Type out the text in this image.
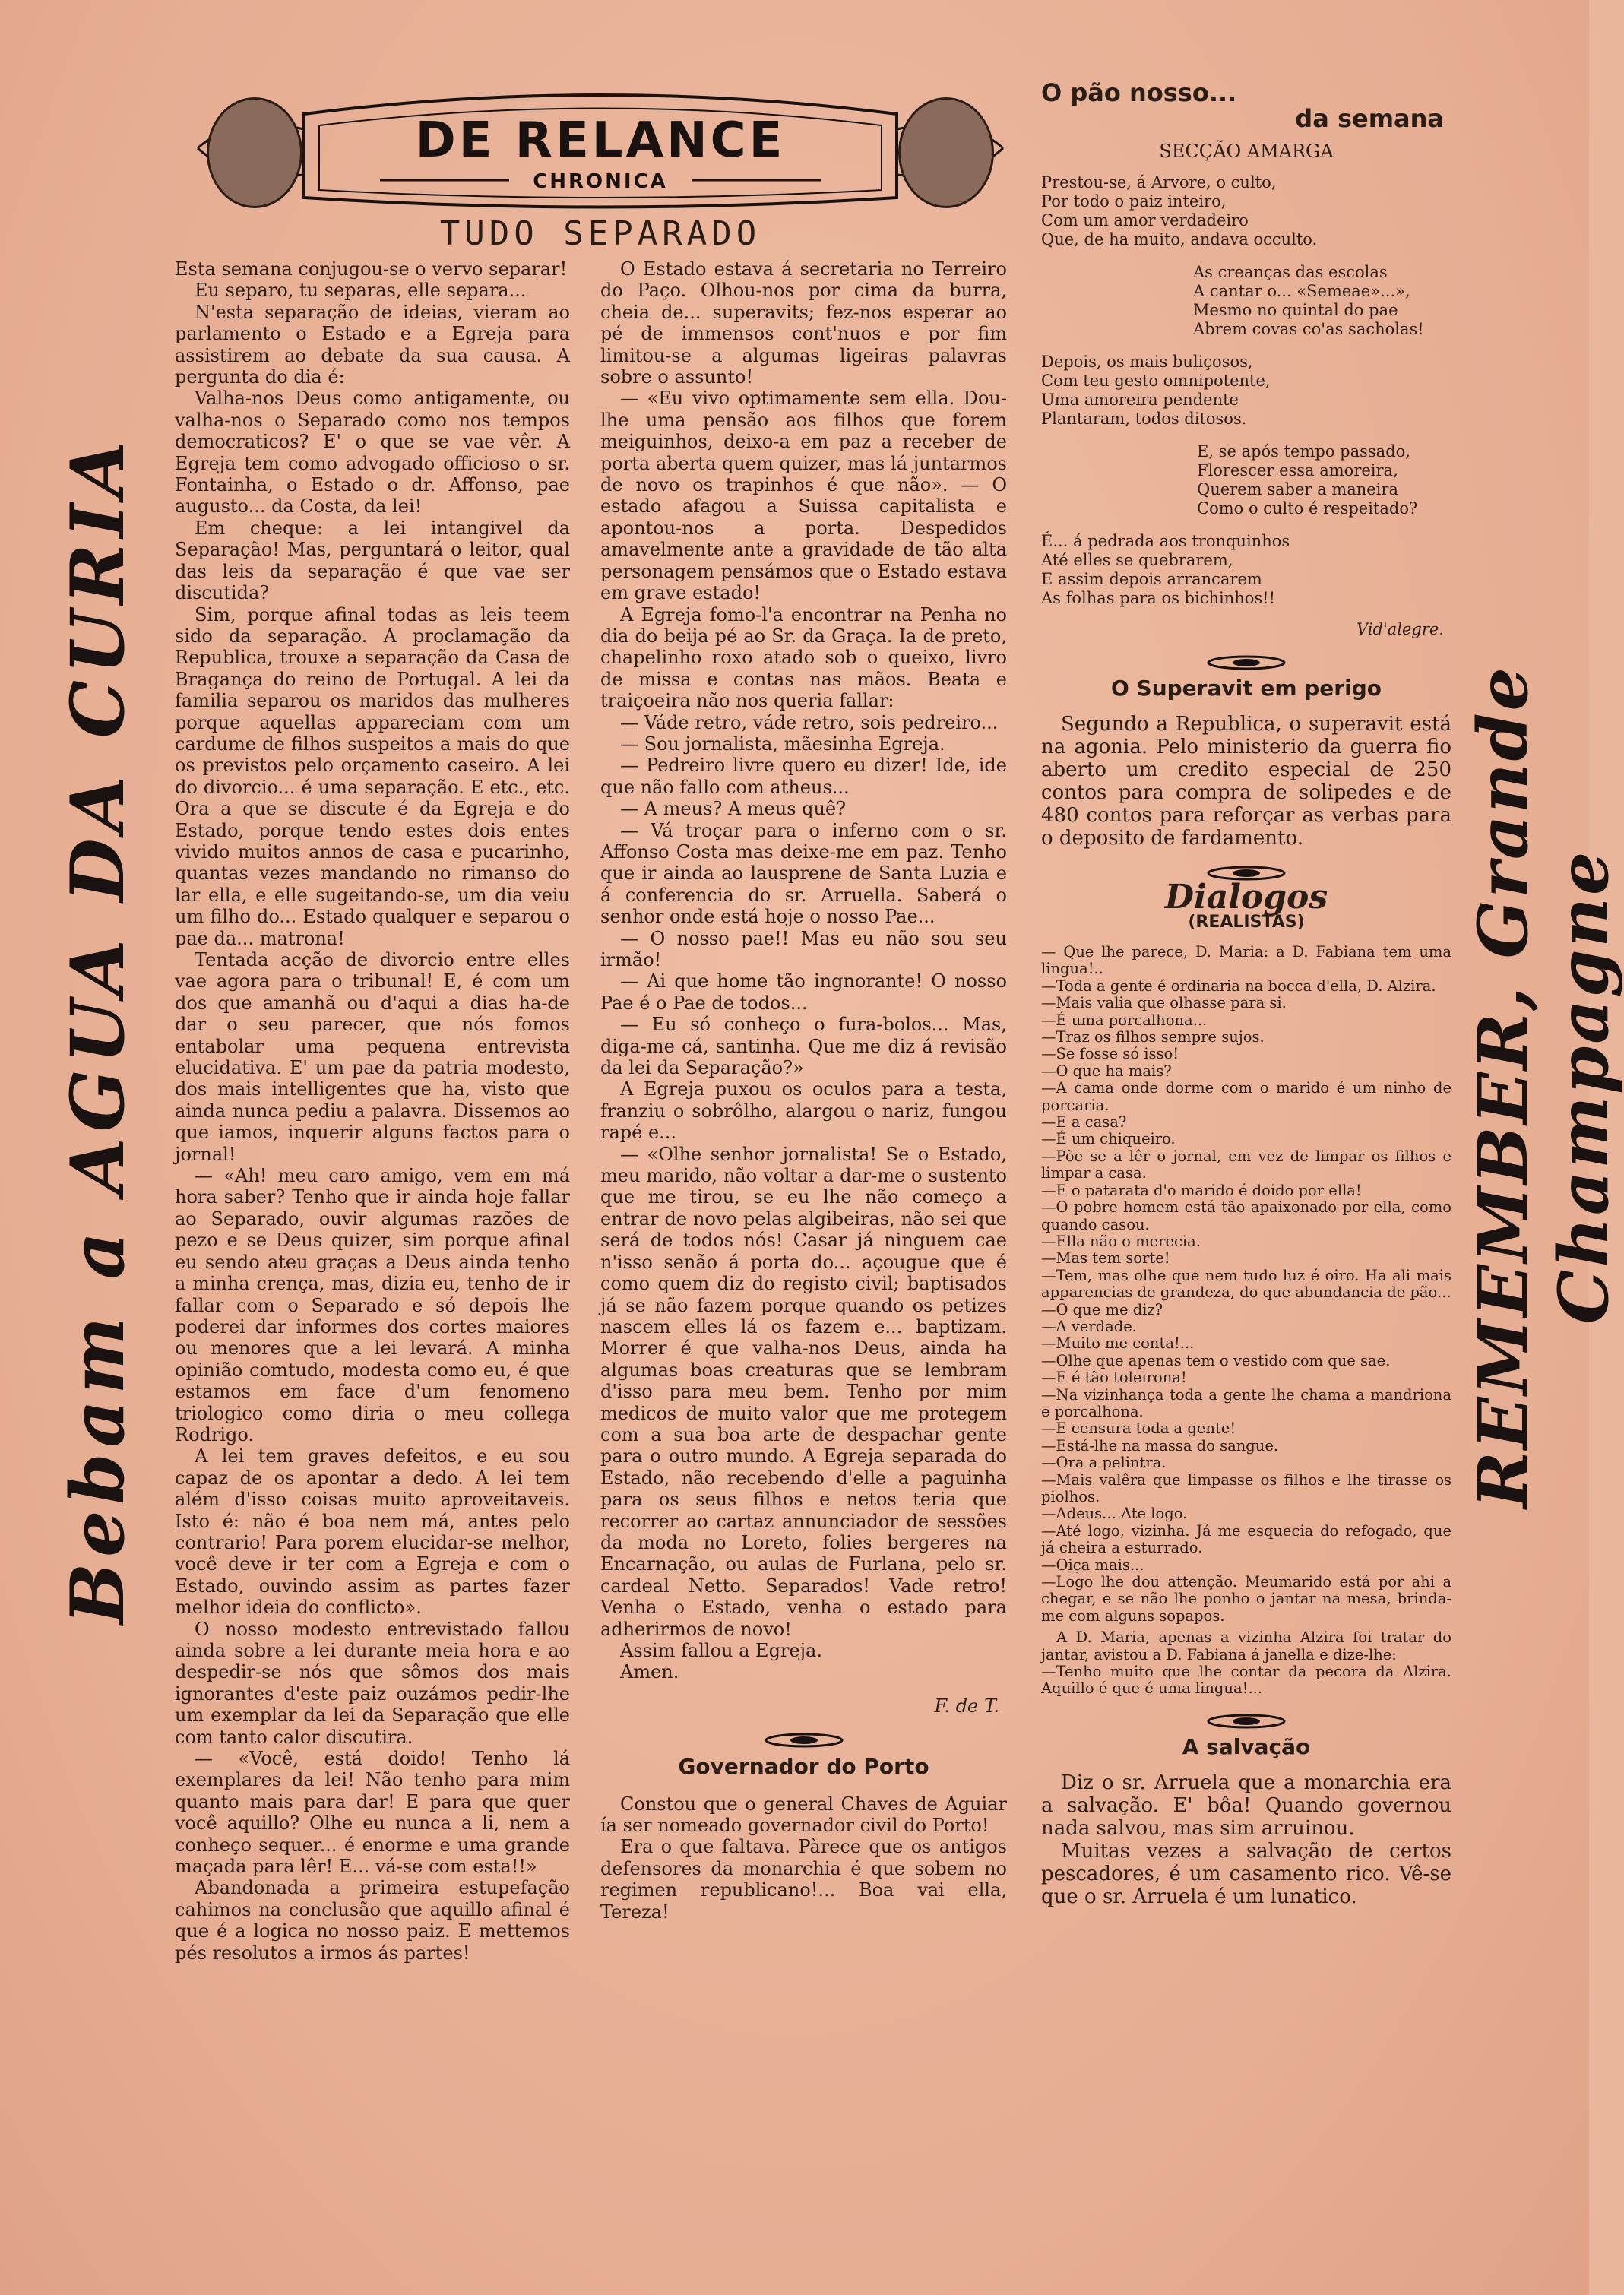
DE RELANCE
CHRONICA
TUDO SEPARADO

Esta semana conjugou-se o vervo separar!

Eu separo, tu separas, elle separa...

N'esta separação de ideias, vieram ao parlamento o Estado e a Egreja para assistirem ao debate da sua causa. A pergunta do dia é:

Valha-nos Deus como antigamente, ou valha-nos o Separado como nos tempos democraticos? E' o que se vae vêr. A Egreja tem como advogado officioso o sr. Fontainha, o Estado o dr. Affonso, pae augusto... da Costa, da lei!

Em cheque: a lei intangivel da Separação! Mas, perguntará o leitor, qual das leis da separação é que vae ser discutida?

Sim, porque afinal todas as leis teem sido da separação. A proclamação da Republica, trouxe a separação da Casa de Bragança do reino de Portugal. A lei da familia separou os maridos das mulheres porque aquellas appareciam com um cardume de filhos suspeitos a mais do que os previstos pelo orçamento caseiro. A lei do divorcio... é uma separação. E etc., etc. Ora a que se discute é da Egreja e do Estado, porque tendo estes dois entes vivido muitos annos de casa e pucarinho, quantas vezes mandando no rimanso do lar ella, e elle sugeitando-se, um dia veiu um filho do... Estado qualquer e separou o pae da... matrona!

Tentada acção de divorcio entre elles vae agora para o tribunal! E, é com um dos que amanhã ou d'aqui a dias ha-de dar o seu parecer, que nós fomos entabolar uma pequena entrevista elucidativa. E' um pae da patria modesto, dos mais intelligentes que ha, visto que ainda nunca pediu a palavra. Dissemos ao que iamos, inquerir alguns factos para o jornal!

— «Ah! meu caro amigo, vem em má hora saber? Tenho que ir ainda hoje fallar ao Separado, ouvir algumas razões de pezo e se Deus quizer, sim porque afinal eu sendo ateu graças a Deus ainda tenho a minha crença, mas, dizia eu, tenho de ir fallar com o Separado e só depois lhe poderei dar informes dos cortes maiores ou menores que a lei levará. A minha opinião comtudo, modesta como eu, é que estamos em face d'um fenomeno triologico como diria o meu collega Rodrigo.

A lei tem graves defeitos, e eu sou capaz de os apontar a dedo. A lei tem além d'isso coisas muito aproveitaveis. Isto é: não é boa nem má, antes pelo contrario! Para porem elucidar-se melhor, você deve ir ter com a Egreja e com o Estado, ouvindo assim as partes fazer melhor ideia do conflicto».

O nosso modesto entrevistado fallou ainda sobre a lei durante meia hora e ao despedir-se nós que sômos dos mais ignorantes d'este paiz ouzámos pedir-lhe um exemplar da lei da Separação que elle com tanto calor discutira.

— «Você, está doido! Tenho lá exemplares da lei! Não tenho para mim quanto mais para dar! E para que quer você aquillo? Olhe eu nunca a li, nem a conheço sequer... é enorme e uma grande maçada para lêr! E... vá-se com esta!!»

Abandonada a primeira estupefação cahimos na conclusão que aquillo afinal é que é a logica no nosso paiz. E mettemos pés resolutos a irmos ás partes!

O Estado estava á secretaria no Terreiro do Paço. Olhou-nos por cima da burra, cheia de... superavits; fez-nos esperar ao pé de immensos cont'nuos e por fim limitou-se a algumas ligeiras palavras sobre o assunto!

— «Eu vivo optimamente sem ella. Dou-lhe uma pensão aos filhos que forem meiguinhos, deixo-a em paz a receber de porta aberta quem quizer, mas lá juntarmos de novo os trapinhos é que não». — O estado afagou a Suissa capitalista e apontou-nos a porta. Despedidos amavelmente ante a gravidade de tão alta personagem pensámos que o Estado estava em grave estado!

A Egreja fomo-l'a encontrar na Penha no dia do beija pé ao Sr. da Graça. Ia de preto, chapelinho roxo atado sob o queixo, livro de missa e contas nas mãos. Beata e traiçoeira não nos queria fallar:

— Váde retro, váde retro, sois pedreiro...

— Sou jornalista, mãesinha Egreja.

— Pedreiro livre quero eu dizer! Ide, ide que não fallo com atheus...

— A meus? A meus quê?

— Vá troçar para o inferno com o sr. Affonso Costa mas deixe-me em paz. Tenho que ir ainda ao lausprene de Santa Luzia e á conferencia do sr. Arruella. Saberá o senhor onde está hoje o nosso Pae...

— O nosso pae!! Mas eu não sou seu irmão!

— Ai que home tão ingnorante! O nosso Pae é o Pae de todos...

— Eu só conheço o fura-bolos... Mas, diga-me cá, santinha. Que me diz á revisão da lei da Separação?»

A Egreja puxou os oculos para a testa, franziu o sobrôlho, alargou o nariz, fungou rapé e...

— «Olhe senhor jornalista! Se o Estado, meu marido, não voltar a dar-me o sustento que me tirou, se eu lhe não começo a entrar de novo pelas algibeiras, não sei que será de todos nós! Casar já ninguem cae n'isso senão á porta do... açougue que é como quem diz do registo civil; baptisados já se não fazem porque quando os petizes nascem elles lá os fazem e... baptizam. Morrer é que valha-nos Deus, ainda ha algumas boas creaturas que se lembram d'isso para meu bem. Tenho por mim medicos de muito valor que me protegem com a sua boa arte de despachar gente para o outro mundo. A Egreja separada do Estado, não recebendo d'elle a paguinha para os seus filhos e netos teria que recorrer ao cartaz annunciador de sessões da moda no Loreto, folies bergeres na Encarnação, ou aulas de Furlana, pelo sr. cardeal Netto. Separados! Vade retro! Venha o Estado, venha o estado para adherirmos de novo!

Assim fallou a Egreja.

Amen.

F. de T.

Governador do Porto

Constou que o general Chaves de Aguiar ía ser nomeado governador civil do Porto!

Era o que faltava. Pàrece que os antigos defensores da monarchia é que sobem no regimen republicano!... Boa vai ella, Tereza!

O pão nosso...
da semana
SECÇÃO AMARGA

Prestou-se, á Arvore, o culto,
Por todo o paiz inteiro,
Com um amor verdadeiro
Que, de ha muito, andava occulto.

As creanças das escolas
A cantar o... «Semeae»...»,
Mesmo no quintal do pae
Abrem covas co'as sacholas!

Depois, os mais buliçosos,
Com teu gesto omnipotente,
Uma amoreira pendente
Plantaram, todos ditosos.

E, se após tempo passado,
Florescer essa amoreira,
Querem saber a maneira
Como o culto é respeitado?

É... á pedrada aos tronquinhos
Até elles se quebrarem,
E assim depois arrancarem
As folhas para os bichinhos!!

Vid'alegre.

O Superavit em perigo

Segundo a Republica, o superavit está na agonia. Pelo ministerio da guerra fio aberto um credito especial de 250 contos para compra de solipedes e de 480 contos para reforçar as verbas para o deposito de fardamento.

Dialogos
(REALISTAS)

— Que lhe parece, D. Maria: a D. Fabiana tem uma lingua!..

—Toda a gente é ordinaria na bocca d'ella, D. Alzira.

—Mais valia que olhasse para si.

—É uma porcalhona...

—Traz os filhos sempre sujos.

—Se fosse só isso!

—O que ha mais?

—A cama onde dorme com o marido é um ninho de porcaria.

—E a casa?

—É um chiqueiro.

—Põe se a lêr o jornal, em vez de limpar os filhos e limpar a casa.

—E o patarata d'o marido é doido por ella!

—O pobre homem está tão apaixonado por ella, como quando casou.

—Ella não o merecia.

—Mas tem sorte!

—Tem, mas olhe que nem tudo luz é oiro. Ha ali mais apparencias de grandeza, do que abundancia de pão...

—O que me diz?

—A verdade.

—Muito me conta!...

—Olhe que apenas tem o vestido com que sae.

—E é tão toleirona!

—Na vizinhança toda a gente lhe chama a mandriona e porcalhona.

—E censura toda a gente!

—Está-lhe na massa do sangue.

—Ora a pelintra.

—Mais valêra que limpasse os filhos e lhe tirasse os piolhos.

—Adeus... Ate logo.

—Até logo, vizinha. Já me esquecia do refogado, que já cheira a esturrado.

—Oiça mais...

—Logo lhe dou attenção. Meumarido está por ahi a chegar, e se não lhe ponho o jantar na mesa, brinda-me com alguns sopapos.

A D. Maria, apenas a vizinha Alzira foi tratar do jantar, avistou a D. Fabiana á janella e dize-lhe:

—Tenho muito que lhe contar da pecora da Alzira. Aquillo é que é uma lingua!...

A salvação

Diz o sr. Arruela que a monarchia era a salvação. E' bôa! Quando governou nada salvou, mas sim arruinou.

Muitas vezes a salvação de certos pescadores, é um casamento rico. Vê-se que o sr. Arruela é um lunatico.

Bebam a AGUA DA CURIA	REMEMBER, Grande Champagne
